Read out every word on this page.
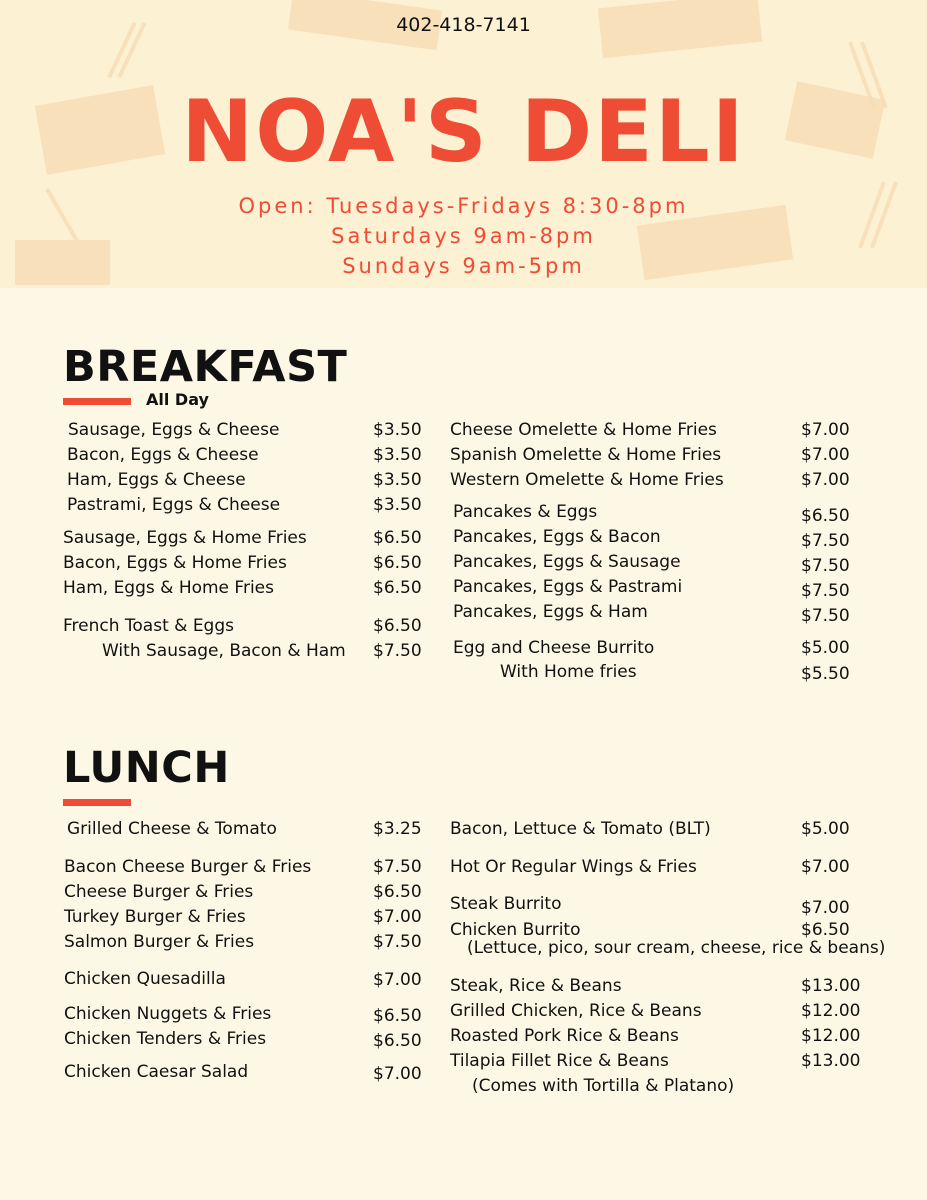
402-418-7141
NOA'S DELI
Open: Tuesdays-Fridays 8:30-8pm
Saturdays 9am-8pm
Sundays 9am-5pm
BREAKFAST
All Day
Sausage, Eggs & Cheese	$3.50
Bacon, Eggs & Cheese	$3.50
Ham, Eggs & Cheese	$3.50
Pastrami, Eggs & Cheese	$3.50
Sausage, Eggs & Home Fries	$6.50
Bacon, Eggs & Home Fries	$6.50
Ham, Eggs & Home Fries	$6.50
French Toast & Eggs	$6.50
With Sausage, Bacon & Ham $7.50
Cheese Omelette & Home Fries	$7.00
Spanish Omelette & Home Fries	$7.00
Western Omelette & Home Fries	$7.00
Pancakes & Eggs	$6.50
Pancakes, Eggs & Bacon	$7.50
Pancakes, Eggs & Sausage	$7.50
Pancakes, Eggs & Pastrami	$7.50
Pancakes, Eggs & Ham	$7.50
Egg and Cheese Burrito	$5.00
With Home fries	$5.50
LUNCH
Grilled Cheese & Tomato	$3.25
Bacon Cheese Burger & Fries	$7.50
Cheese Burger & Fries	$6.50
Turkey Burger & Fries	$7.00
Salmon Burger & Fries	$7.50
Chicken Quesadilla	$7.00
Chicken Nuggets & Fries	$6.50
Chicken Tenders & Fries	$6.50
Chicken Caesar Salad	$7.00
Bacon, Lettuce & Tomato (BLT)	$5.00
Hot Or Regular Wings & Fries	$7.00
Steak Burrito	$7.00
Chicken Burrito	$6.50
(Lettuce, pico, sour cream, cheese, rice & beans)
Steak, Rice & Beans	$13.00
Grilled Chicken, Rice & Beans	$12.00
Roasted Pork Rice & Beans	$12.00
Tilapia Fillet Rice & Beans	$13.00
(Comes with Tortilla & Platano)
